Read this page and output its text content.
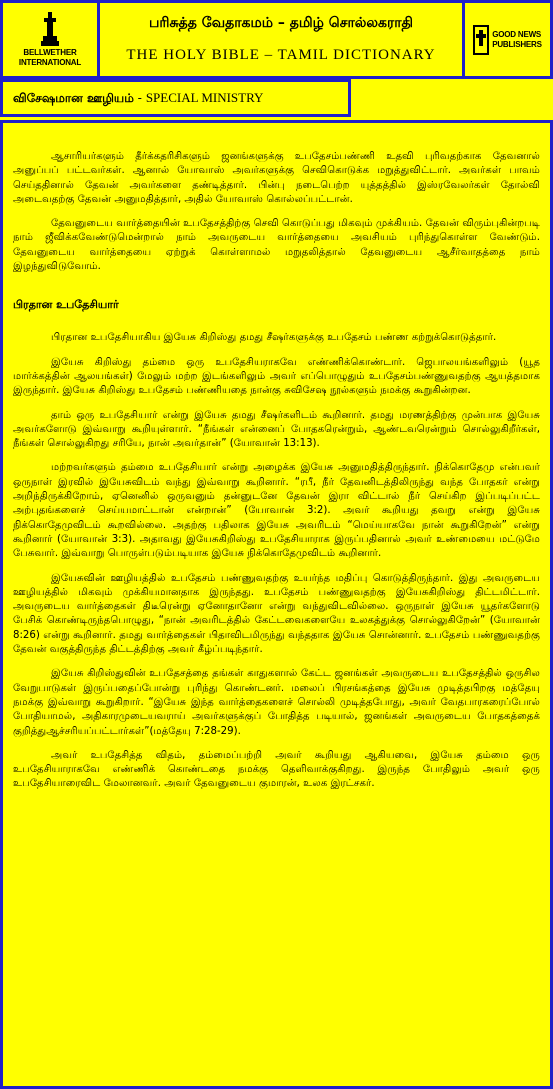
BELLWETHER
INTERNATIONAL
பரிசுத்த வேதாகமம் – தமிழ் சொல்லகராதி
THE HOLY BIBLE – TAMIL DICTIONARY
GOOD NEWS
PUBLISHERS
விசேஷமான ஊழியம் - SPECIAL MINISTRY

ஆசாரியர்களும் தீர்க்கதரிசிகளும் ஜனங்களுக்கு உபதேசம்பண்ணி உதவி புரிவதற்காக தேவனால் அனுப்பப் பட்டவர்கள். ஆனால் யோவாஸ் அவர்களுக்கு செவிகொடுக்க மறுத்துவிட்டார். அவர்கள் பாவம் செய்ததினால் தேவன் அவர்களை தண்டித்தார். பின்பு நடைபெற்ற யுத்தத்தில் இஸ்ரவேலர்கள் தோல்வி அடைவதற்கு தேவன் அனுமதித்தார், அதில் யோவாஸ் கொல்லப்பட்டான்.

தேவனுடைய வார்த்தையின் உபதேசத்திற்கு செவி கொடுப்பது மிகவும் முக்கியம். தேவன் விரும்புகின்றபடி நாம் ஜீவிக்கவேண்டுமென்றால் நாம் அவருடைய வார்த்தையை அவசியம் புரிந்துகொள்ள வேண்டும். தேவனுடைய வார்த்தையை ஏற்றுக் கொள்ளாமல் மறுதலித்தால் தேவனுடைய ஆசீர்வாதத்தை நாம் இழந்துவிடுவோம்.

பிரதான உபதேசியார்

பிரதான உபதேசியாகிய இயேசு கிறிஸ்து தமது சீஷர்களுக்கு உபதேசம் பண்ண கற்றுக்கொடுத்தார்.

இயேசு கிறிஸ்து தம்மை ஒரு உபதேசியராகவே எண்ணிக்கொண்டார். ஜெபாலயங்களிலும் (யூத மார்க்கத்தின் ஆலயங்கள்) மேலும் மற்ற இடங்களிலும் அவர் எப்பொழுதும் உபதேசம்பண்ணுவதற்கு ஆயத்தமாக இருந்தார். இயேசு கிறிஸ்து உபதேசம் பண்ணியதை நான்கு சுவிசேஷ நூல்களும் நமக்கு கூறுகின்றன.

தாம் ஒரு உபதேசியார் என்று இயேசு தமது சீஷர்களிடம் கூறினார். தமது மரணத்திற்கு முன்பாக இயேசு அவர்களோடு இவ்வாறு கூறியுள்ளார். “நீங்கள் என்னைப் போதகரென்றும், ஆண்டவரென்றும் சொல்லுகிறீர்கள், நீங்கள் சொல்லுகிறது சரியே, நான் அவர்தான்” (யோவான் 13:13).

மற்றவர்களும் தம்மை உபதேசியார் என்று அழைக்க இயேசு அனுமதித்திருந்தார். நிக்கொதேமு என்பவர் ஒருநாள் இரவில் இயேசுவிடம் வந்து இவ்வாறு கூறினார். “ரபீ, நீர் தேவனிடத்திலிருந்து வந்த போதகர் என்று அறிந்திருக்கிறோம், ஏனெனில் ஒருவனும் தன்னுடனே தேவன் இரா விட்டால் நீர் செய்கிற இப்படிப்பட்ட அற்புதங்களைச் செய்யமாட்டான் என்றான்” (யோவான் 3:2). அவர் கூறியது தவறு என்று இயேசு நிக்கொதேமுவிடம் கூறவில்லை. அதற்கு பதிலாக இயேசு அவரிடம் “மெய்யாகவே நான் கூறுகிறேன்” என்று கூறினார் (யோவான் 3:3). அதாவது இயேசுகிறிஸ்து உபதேசியாராக இருப்பதினால் அவர் உண்மையை மட்டுமே பேசுவார். இவ்வாறு பொருள்படும்படியாக இயேசு நிக்கொதேமுவிடம் கூறினார்.

இயேசுவின் ஊழியத்தில் உபதேசம் பண்ணுவதற்கு உயர்ந்த மதிப்பு கொடுத்திருந்தார். இது அவருடைய ஊழியத்தில் மிகவும் முக்கியமானதாக இருந்தது. உபதேசம் பண்ணுவதற்கு இயேசுகிறிஸ்து திட்டமிட்டார். அவருடைய வார்த்தைகள் திடீரென்று ஏனோதானோ என்று வந்துவிடவில்லை. ஒருநாள் இயேசு யூதர்களோடு பேசிக் கொண்டிருந்தபொழுது, “நான் அவரிடத்தில் கேட்டவைகளையே உலகத்துக்கு சொல்லுகிறேன்” (யோவான் 8:26) என்று கூறினார். தமது வார்த்தைகள் பிதாவிடமிருந்து வந்ததாக இயேசு சொன்னார். உபதேசம் பண்ணுவதற்கு தேவன் வகுத்திருந்த திட்டத்திற்கு அவர் கீழ்ப்படிந்தார்.

இயேசு கிறிஸ்துவின் உபதேசத்தை தங்கள் காதுகளால் கேட்ட ஜனங்கள் அவருடைய உபதேசத்தில் ஒருசில வேறுபாடுகள் இருப்பதைப்போன்று புரிந்து கொண்டனர். மலைப் பிரசங்கத்தை இயேசு முடித்தபிறகு மத்தேயு நமக்கு இவ்வாறு கூறுகிறார். “இயேசு இந்த வார்த்தைகளைச் சொல்லி முடித்தபோது, அவர் வேதபாரகரைப்போல் போதியாமல், அதிகாரமுடையவராய் அவர்களுக்குப் போதித்த படியால், ஜனங்கள் அவருடைய போதகத்தைக் குறித்துஆச்சரியப்பட்டார்கள்”(மத்தேயு 7:28-29).

அவர் உபதேசித்த விதம், தம்மைப்பற்றி அவர் கூறியது ஆகியவை, இயேசு தம்மை ஒரு உபதேசியாராகவே எண்ணிக் கொண்டதை நமக்கு தெளிவாக்குகிறது. இருந்த போதிலும் அவர் ஒரு உபதேசியாரைவிட மேலானவர். அவர் தேவனுடைய குமாரன், உலக இரட்சகர்.
